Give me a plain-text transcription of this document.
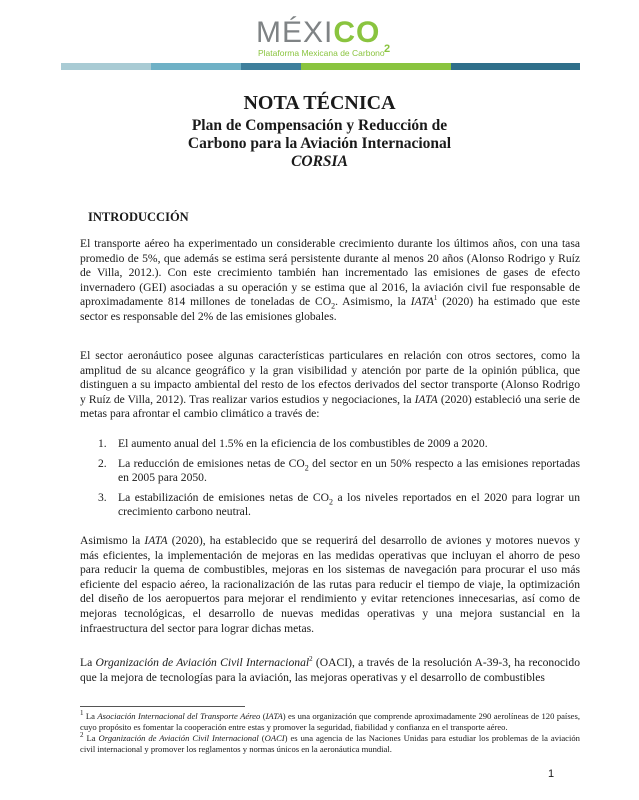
MÉXICO 2
Plataforma Mexicana de Carbono
NOTA TÉCNICA
Plan de Compensación y Reducción de
Carbono para la Aviación Internacional
CORSIA
INTRODUCCIÓN
El transporte aéreo ha experimentado un considerable crecimiento durante los últimos años, con una tasa promedio de 5%, que además se estima será persistente durante al menos 20 años (Alonso Rodrigo y Ruíz de Villa, 2012.). Con este crecimiento también han incrementado las emisiones de gases de efecto invernadero (GEI) asociadas a su operación y se estima que al 2016, la aviación civil fue responsable de aproximadamente 814 millones de toneladas de $CO_2$. Asimismo, la IATA$^1$ (2020) ha estimado que este sector es responsable del 2% de las emisiones globales.
El sector aeronáutico posee algunas características particulares en relación con otros sectores, como la amplitud de su alcance geográfico y la gran visibilidad y atención por parte de la opinión pública, que distinguen a su impacto ambiental del resto de los efectos derivados del sector transporte (Alonso Rodrigo y Ruíz de Villa, 2012). Tras realizar varios estudios y negociaciones, la IATA (2020) estableció una serie de metas para afrontar el cambio climático a través de:
1. El aumento anual del 1.5% en la eficiencia de los combustibles de 2009 a 2020.
2. La reducción de emisiones netas de $CO_2$ del sector en un 50% respecto a las emisiones reportadas en 2005 para 2050.
3. La estabilización de emisiones netas de $CO_2$ a los niveles reportados en el 2020 para lograr un crecimiento carbono neutral.
Asimismo la IATA (2020), ha establecido que se requerirá del desarrollo de aviones y motores nuevos y más eficientes, la implementación de mejoras en las medidas operativas que incluyan el ahorro de peso para reducir la quema de combustibles, mejoras en los sistemas de navegación para procurar el uso más eficiente del espacio aéreo, la racionalización de las rutas para reducir el tiempo de viaje, la optimización del diseño de los aeropuertos para mejorar el rendimiento y evitar retenciones innecesarias, así como de mejoras tecnológicas, el desarrollo de nuevas medidas operativas y una mejora sustancial en la infraestructura del sector para lograr dichas metas.
La Organización de Aviación Civil Internacional$^2$ (OACI), a través de la resolución A-39-3, ha reconocido que la mejora de tecnologías para la aviación, las mejoras operativas y el desarrollo de combustibles

$^1$ La Asociación Internacional del Transporte Aéreo (IATA) es una organización que comprende aproximadamente 290 aerolíneas de 120 países, cuyo propósito es fomentar la cooperación entre estas y promover la seguridad, fiabilidad y confianza en el transporte aéreo.

$^2$ La Organización de Aviación Civil Internacional (OACI) es una agencia de las Naciones Unidas para estudiar los problemas de la aviación civil internacional y promover los reglamentos y normas únicos en la aeronáutica mundial.

1
